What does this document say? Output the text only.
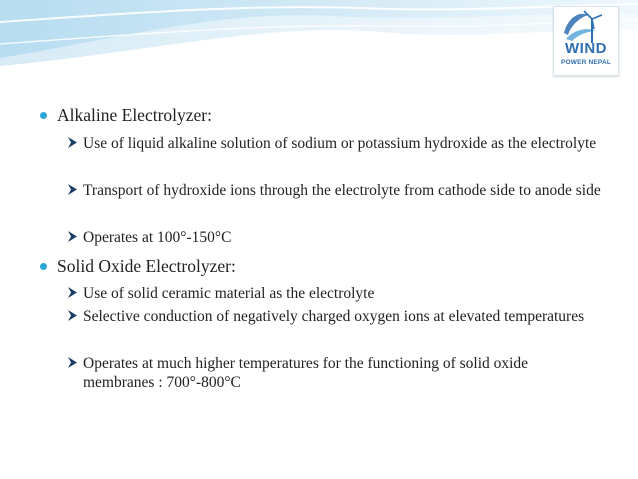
WIND
POWER NEPAL
Alkaline Electrolyzer:
Use of liquid alkaline solution of sodium or potassium hydroxide as the electrolyte
Transport of hydroxide ions through the electrolyte from cathode side to anode side
Operates at 100°-150°C
Solid Oxide Electrolyzer:
Use of solid ceramic material as the electrolyte
Selective conduction of negatively charged oxygen ions at elevated temperatures
Operates at much higher temperatures for the functioning of solid oxide membranes : 700°-800°C
